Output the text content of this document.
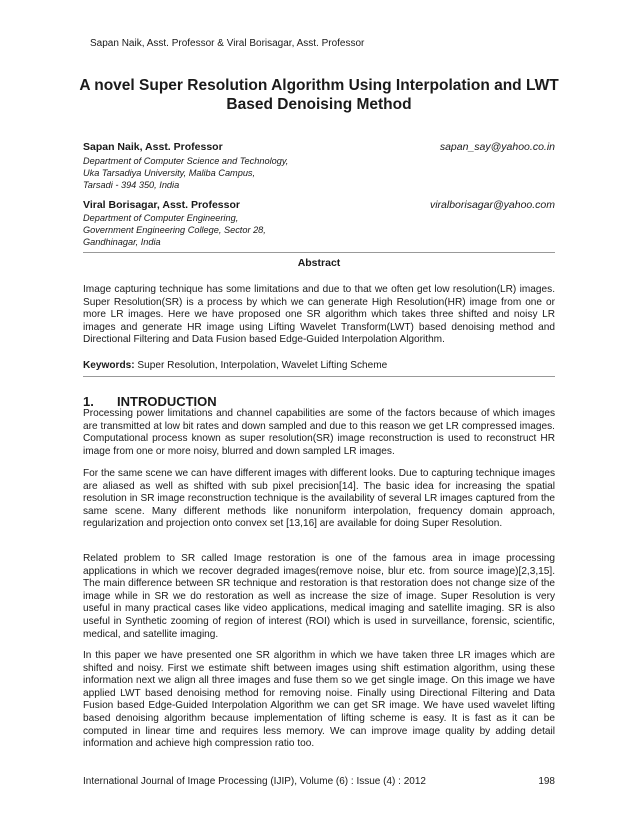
Sapan Naik, Asst. Professor & Viral Borisagar, Asst. Professor
A novel Super Resolution Algorithm Using Interpolation and LWT
Based Denoising Method
Sapan Naik, Asst. Professor	sapan_say@yahoo.co.in
Department of Computer Science and Technology,
Uka Tarsadiya University, Maliba Campus,
Tarsadi - 394 350, India
Viral Borisagar, Asst. Professor	viralborisagar@yahoo.com
Department of Computer Engineering,
Government Engineering College, Sector 28,
Gandhinagar, India
Abstract
Image capturing technique has some limitations and due to that we often get low resolution(LR) images. Super Resolution(SR) is a process by which we can generate High Resolution(HR) image from one or more LR images. Here we have proposed one SR algorithm which takes three shifted and noisy LR images and generate HR image using Lifting Wavelet Transform(LWT) based denoising method and Directional Filtering and Data Fusion based Edge-Guided Interpolation Algorithm.
Keywords: Super Resolution, Interpolation, Wavelet Lifting Scheme
1. INTRODUCTION
Processing power limitations and channel capabilities are some of the factors because of which images are transmitted at low bit rates and down sampled and due to this reason we get LR compressed images. Computational process known as super resolution(SR) image reconstruction is used to reconstruct HR image from one or more noisy, blurred and down sampled LR images.
For the same scene we can have different images with different looks. Due to capturing technique images are aliased as well as shifted with sub pixel precision[14]. The basic idea for increasing the spatial resolution in SR image reconstruction technique is the availability of several LR images captured from the same scene. Many different methods like nonuniform interpolation, frequency domain approach, regularization and projection onto convex set [13,16] are available for doing Super Resolution.
Related problem to SR called Image restoration is one of the famous area in image processing applications in which we recover degraded images(remove noise, blur etc. from source image)[2,3,15]. The main difference between SR technique and restoration is that restoration does not change size of the image while in SR we do restoration as well as increase the size of image. Super Resolution is very useful in many practical cases like video applications, medical imaging and satellite imaging. SR is also useful in Synthetic zooming of region of interest (ROI) which is used in surveillance, forensic, scientific, medical, and satellite imaging.
In this paper we have presented one SR algorithm in which we have taken three LR images which are shifted and noisy. First we estimate shift between images using shift estimation algorithm, using these information next we align all three images and fuse them so we get single image. On this image we have applied LWT based denoising method for removing noise. Finally using Directional Filtering and Data Fusion based Edge-Guided Interpolation Algorithm we can get SR image. We have used wavelet lifting based denoising algorithm because implementation of lifting scheme is easy. It is fast as it can be computed in linear time and requires less memory. We can improve image quality by adding detail information and achieve high compression ratio too.
International Journal of Image Processing (IJIP), Volume (6) : Issue (4) : 2012	198
